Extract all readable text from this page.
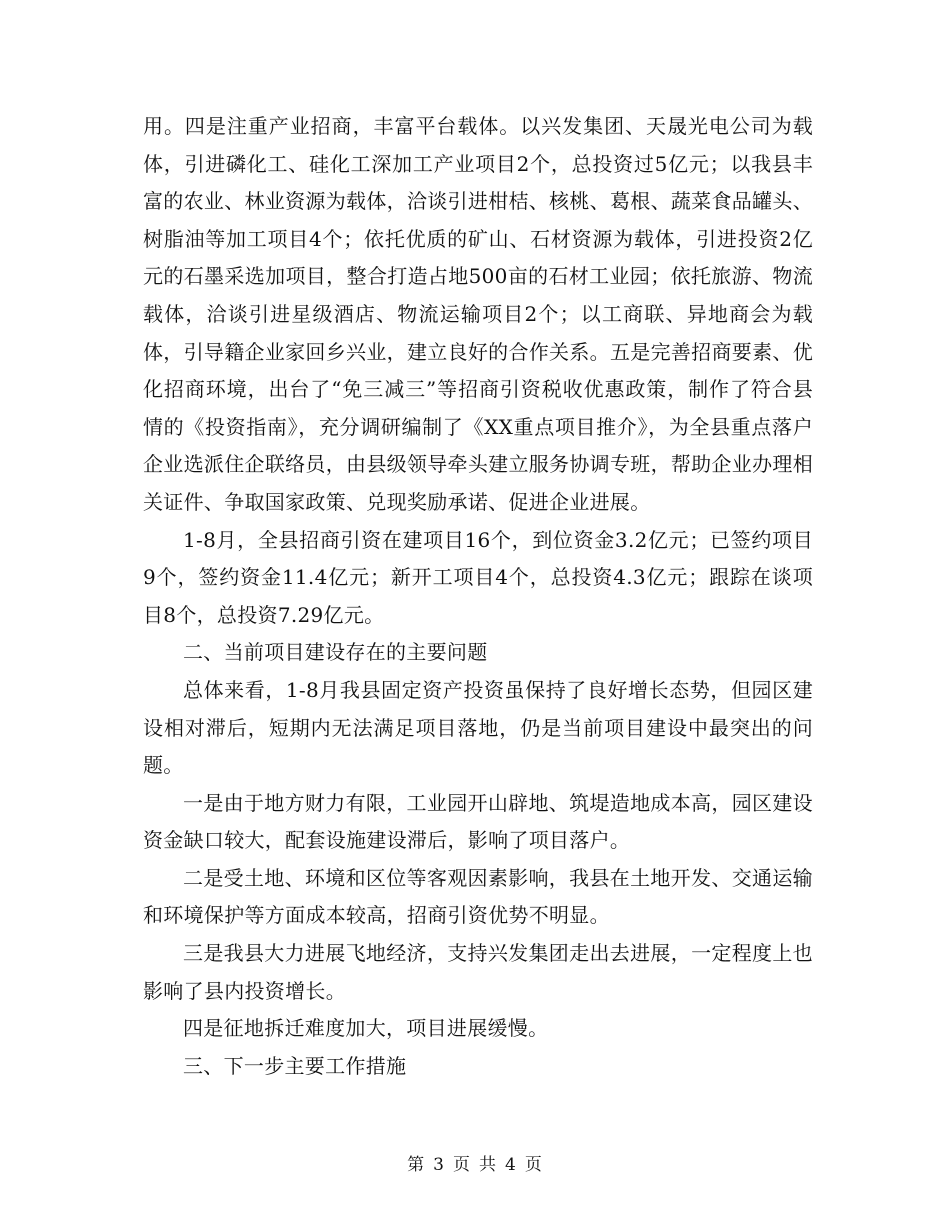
用。四是注重产业招商，丰富平台载体。以兴发集团、天晟光电公司为载体，引进磷化工、硅化工深加工产业项目2个，总投资过5亿元；以我县丰富的农业、林业资源为载体，洽谈引进柑桔、核桃、葛根、蔬菜食品罐头、树脂油等加工项目4个；依托优质的矿山、石材资源为载体，引进投资2亿元的石墨采选加项目，整合打造占地500亩的石材工业园；依托旅游、物流载体，洽谈引进星级酒店、物流运输项目2个；以工商联、异地商会为载体，引导籍企业家回乡兴业，建立良好的合作关系。五是完善招商要素、优化招商环境，出台了“免三减三”等招商引资税收优惠政策，制作了符合县情的《投资指南》，充分调研编制了《XX重点项目推介》，为全县重点落户企业选派住企联络员，由县级领导牵头建立服务协调专班，帮助企业办理相关证件、争取国家政策、兑现奖励承诺、促进企业进展。

1-8月，全县招商引资在建项目16个，到位资金3.2亿元；已签约项目9个，签约资金11.4亿元；新开工项目4个，总投资4.3亿元；跟踪在谈项目8个，总投资7.29亿元。

二、当前项目建设存在的主要问题

总体来看，1-8月我县固定资产投资虽保持了良好增长态势，但园区建设相对滞后，短期内无法满足项目落地，仍是当前项目建设中最突出的问题。

一是由于地方财力有限，工业园开山辟地、筑堤造地成本高，园区建设资金缺口较大，配套设施建设滞后，影响了项目落户。

二是受土地、环境和区位等客观因素影响，我县在土地开发、交通运输和环境保护等方面成本较高，招商引资优势不明显。

三是我县大力进展飞地经济，支持兴发集团走出去进展，一定程度上也影响了县内投资增长。

四是征地拆迁难度加大，项目进展缓慢。

三、下一步主要工作措施

第 3 页 共 4 页
